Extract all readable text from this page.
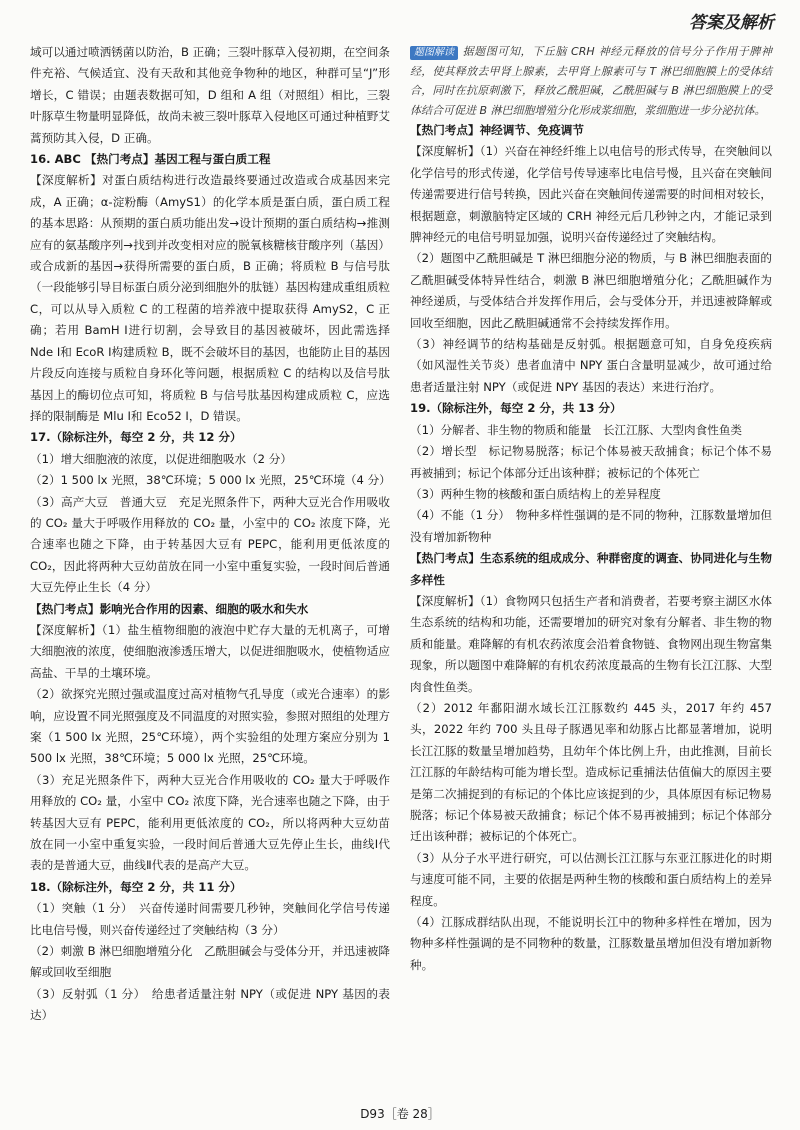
答案及解析

域可以通过喷洒锈菌以防治，B 正确；三裂叶豚草入侵初期，在空间条件充裕、气候适宜、没有天敌和其他竞争物种的地区，种群可呈“J”形增长，C 错误；由题表数据可知，D 组和 A 组（对照组）相比，三裂叶豚草生物量明显降低，故尚未被三裂叶豚草入侵地区可通过种植野艾蒿预防其入侵，D 正确。

16. ABC 【热门考点】基因工程与蛋白质工程

【深度解析】对蛋白质结构进行改造最终要通过改造或合成基因来完成，A 正确；α-淀粉酶（AmyS1）的化学本质是蛋白质，蛋白质工程的基本思路：从预期的蛋白质功能出发→设计预期的蛋白质结构→推测应有的氨基酸序列→找到并改变相对应的脱氧核糖核苷酸序列（基因）或合成新的基因→获得所需要的蛋白质，B 正确；将质粒 B 与信号肽（一段能够引导目标蛋白质分泌到细胞外的肽链）基因构建成重组质粒 C，可以从导入质粒 C 的工程菌的培养液中提取获得 AmyS2，C 正确；若用 BamH Ⅰ进行切割，会导致目的基因被破坏，因此需选择 Nde Ⅰ和 EcoR Ⅰ构建质粒 B，既不会破坏目的基因，也能防止目的基因片段反向连接与质粒自身环化等问题，根据质粒 C 的结构以及信号肽基因上的酶切位点可知，将质粒 B 与信号肽基因构建成质粒 C，应选择的限制酶是 Mlu Ⅰ和 Eco52 Ⅰ，D 错误。

17.（除标注外，每空 2 分，共 12 分）

（1）增大细胞液的浓度，以促进细胞吸水（2 分）

（2）1 500 lx 光照，38℃环境；5 000 lx 光照，25℃环境（4 分）

（3）高产大豆　普通大豆　充足光照条件下，两种大豆光合作用吸收的 CO₂ 量大于呼吸作用释放的 CO₂ 量，小室中的 CO₂ 浓度下降，光合速率也随之下降，由于转基因大豆有 PEPC，能利用更低浓度的 CO₂，因此将两种大豆幼苗放在同一小室中重复实验，一段时间后普通大豆先停止生长（4 分）

【热门考点】影响光合作用的因素、细胞的吸水和失水

【深度解析】（1）盐生植物细胞的液泡中贮存大量的无机离子，可增大细胞液的浓度，使细胞液渗透压增大，以促进细胞吸水，使植物适应高盐、干旱的土壤环境。

（2）欲探究光照过强或温度过高对植物气孔导度（或光合速率）的影响，应设置不同光照强度及不同温度的对照实验，参照对照组的处理方案（1 500 lx 光照，25℃环境），两个实验组的处理方案应分别为 1 500 lx 光照，38℃环境；5 000 lx 光照，25℃环境。

（3）充足光照条件下，两种大豆光合作用吸收的 CO₂ 量大于呼吸作用释放的 CO₂ 量，小室中 CO₂ 浓度下降，光合速率也随之下降，由于转基因大豆有 PEPC，能利用更低浓度的 CO₂，所以将两种大豆幼苗放在同一小室中重复实验，一段时间后普通大豆先停止生长，曲线Ⅰ代表的是普通大豆，曲线Ⅱ代表的是高产大豆。

18.（除标注外，每空 2 分，共 11 分）

（1）突触（1 分）　兴奋传递时间需要几秒钟，突触间化学信号传递比电信号慢，则兴奋传递经过了突触结构（3 分）

（2）刺激 B 淋巴细胞增殖分化　乙酰胆碱会与受体分开，并迅速被降解或回收至细胞

（3）反射弧（1 分）　给患者适量注射 NPY（或促进 NPY 基因的表达）

题图解读 据题图可知，下丘脑 CRH 神经元释放的信号分子作用于脾神经，使其释放去甲肾上腺素，去甲肾上腺素可与 T 淋巴细胞膜上的受体结合，同时在抗原刺激下，释放乙酰胆碱，乙酰胆碱与 B 淋巴细胞膜上的受体结合可促进 B 淋巴细胞增殖分化形成浆细胞，浆细胞进一步分泌抗体。

【热门考点】神经调节、免疫调节

【深度解析】（1）兴奋在神经纤维上以电信号的形式传导，在突触间以化学信号的形式传递，化学信号传导速率比电信号慢，且兴奋在突触间传递需要进行信号转换，因此兴奋在突触间传递需要的时间相对较长，根据题意，刺激脑特定区域的 CRH 神经元后几秒钟之内，才能记录到脾神经元的电信号明显加强，说明兴奋传递经过了突触结构。

（2）题图中乙酰胆碱是 T 淋巴细胞分泌的物质，与 B 淋巴细胞表面的乙酰胆碱受体特异性结合，刺激 B 淋巴细胞增殖分化；乙酰胆碱作为神经递质，与受体结合并发挥作用后，会与受体分开，并迅速被降解或回收至细胞，因此乙酰胆碱通常不会持续发挥作用。

（3）神经调节的结构基础是反射弧。根据题意可知，自身免疫疾病（如风湿性关节炎）患者血清中 NPY 蛋白含量明显减少，故可通过给患者适量注射 NPY（或促进 NPY 基因的表达）来进行治疗。

19.（除标注外，每空 2 分，共 13 分）

（1）分解者、非生物的物质和能量　长江江豚、大型肉食性鱼类

（2）增长型　标记物易脱落；标记个体易被天敌捕食；标记个体不易再被捕到；标记个体部分迁出该种群；被标记的个体死亡

（3）两种生物的核酸和蛋白质结构上的差异程度

（4）不能（1 分）　物种多样性强调的是不同的物种，江豚数量增加但没有增加新物种

【热门考点】生态系统的组成成分、种群密度的调查、协同进化与生物多样性

【深度解析】（1）食物网只包括生产者和消费者，若要考察主湖区水体生态系统的结构和功能，还需要增加的研究对象有分解者、非生物的物质和能量。难降解的有机农药浓度会沿着食物链、食物网出现生物富集现象，所以题图中难降解的有机农药浓度最高的生物有长江江豚、大型肉食性鱼类。

（2）2012 年鄱阳湖水域长江江豚数约 445 头，2017 年约 457 头，2022 年约 700 头且母子豚遇见率和幼豚占比都显著增加，说明长江江豚的数量呈增加趋势，且幼年个体比例上升，由此推测，目前长江江豚的年龄结构可能为增长型。造成标记重捕法估值偏大的原因主要是第二次捕捉到的有标记的个体比应该捉到的少，具体原因有标记物易脱落；标记个体易被天敌捕食；标记个体不易再被捕到；标记个体部分迁出该种群；被标记的个体死亡。

（3）从分子水平进行研究，可以估测长江江豚与东亚江豚进化的时期与速度可能不同，主要的依据是两种生物的核酸和蛋白质结构上的差异程度。

（4）江豚成群结队出现，不能说明长江中的物种多样性在增加，因为物种多样性强调的是不同物种的数量，江豚数量虽增加但没有增加新物种。

D93［卷 28］
